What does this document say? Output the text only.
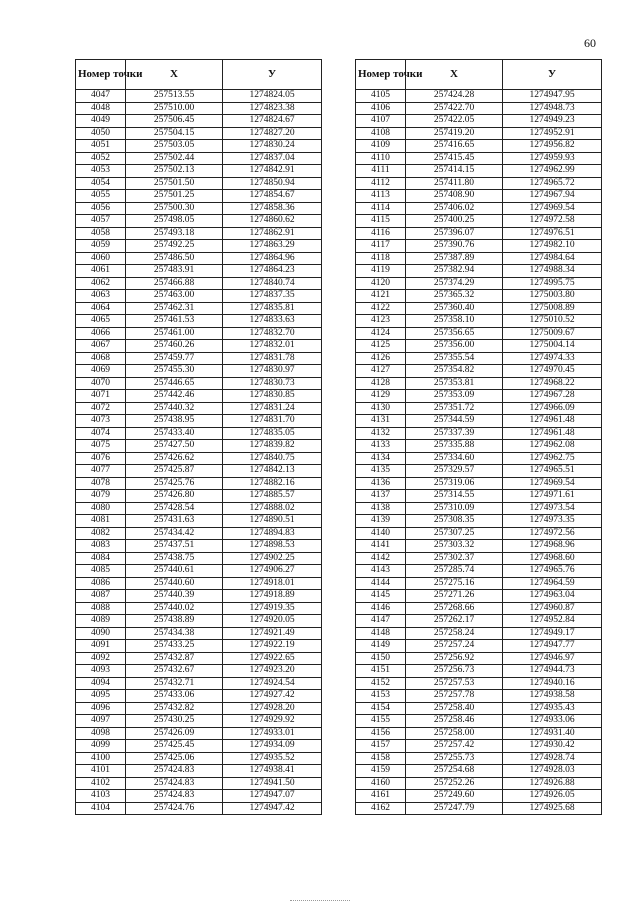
60
Номер точки	X	У
4047	257513.55	1274824.05
4048	257510.00	1274823.38
4049	257506.45	1274824.67
4050	257504.15	1274827.20
4051	257503.05	1274830.24
4052	257502.44	1274837.04
4053	257502.13	1274842.91
4054	257501.50	1274850.94
4055	257501.25	1274854.67
4056	257500.30	1274858.36
4057	257498.05	1274860.62
4058	257493.18	1274862.91
4059	257492.25	1274863.29
4060	257486.50	1274864.96
4061	257483.91	1274864.23
4062	257466.88	1274840.74
4063	257463.00	1274837.35
4064	257462.31	1274835.81
4065	257461.53	1274833.63
4066	257461.00	1274832.70
4067	257460.26	1274832.01
4068	257459.77	1274831.78
4069	257455.30	1274830.97
4070	257446.65	1274830.73
4071	257442.46	1274830.85
4072	257440.32	1274831.24
4073	257438.95	1274831.70
4074	257433.40	1274835.05
4075	257427.50	1274839.82
4076	257426.62	1274840.75
4077	257425.87	1274842.13
4078	257425.76	1274882.16
4079	257426.80	1274885.57
4080	257428.54	1274888.02
4081	257431.63	1274890.51
4082	257434.42	1274894.83
4083	257437.51	1274898.53
4084	257438.75	1274902.25
4085	257440.61	1274906.27
4086	257440.60	1274918.01
4087	257440.39	1274918.89
4088	257440.02	1274919.35
4089	257438.89	1274920.05
4090	257434.38	1274921.49
4091	257433.25	1274922.19
4092	257432.87	1274922.65
4093	257432.67	1274923.20
4094	257432.71	1274924.54
4095	257433.06	1274927.42
4096	257432.82	1274928.20
4097	257430.25	1274929.92
4098	257426.09	1274933.01
4099	257425.45	1274934.09
4100	257425.06	1274935.52
4101	257424.83	1274938.41
4102	257424.83	1274941.50
4103	257424.83	1274947.07
4104	257424.76	1274947.42
Номер точки	X	У
4105	257424.28	1274947.95
4106	257422.70	1274948.73
4107	257422.05	1274949.23
4108	257419.20	1274952.91
4109	257416.65	1274956.82
4110	257415.45	1274959.93
4111	257414.15	1274962.99
4112	257411.80	1274965.72
4113	257408.90	1274967.94
4114	257406.02	1274969.54
4115	257400.25	1274972.58
4116	257396.07	1274976.51
4117	257390.76	1274982.10
4118	257387.89	1274984.64
4119	257382.94	1274988.34
4120	257374.29	1274995.75
4121	257365.32	1275003.80
4122	257360.40	1275008.89
4123	257358.10	1275010.52
4124	257356.65	1275009.67
4125	257356.00	1275004.14
4126	257355.54	1274974.33
4127	257354.82	1274970.45
4128	257353.81	1274968.22
4129	257353.09	1274967.28
4130	257351.72	1274966.09
4131	257344.59	1274961.48
4132	257337.39	1274961.48
4133	257335.88	1274962.08
4134	257334.60	1274962.75
4135	257329.57	1274965.51
4136	257319.06	1274969.54
4137	257314.55	1274971.61
4138	257310.09	1274973.54
4139	257308.35	1274973.35
4140	257307.25	1274972.56
4141	257303.32	1274968.96
4142	257302.37	1274968.60
4143	257285.74	1274965.76
4144	257275.16	1274964.59
4145	257271.26	1274963.04
4146	257268.66	1274960.87
4147	257262.17	1274952.84
4148	257258.24	1274949.17
4149	257257.24	1274947.77
4150	257256.92	1274946.97
4151	257256.73	1274944.73
4152	257257.53	1274940.16
4153	257257.78	1274938.58
4154	257258.40	1274935.43
4155	257258.46	1274933.06
4156	257258.00	1274931.40
4157	257257.42	1274930.42
4158	257255.73	1274928.74
4159	257254.68	1274928.03
4160	257252.26	1274926.88
4161	257249.60	1274926.05
4162	257247.79	1274925.68
